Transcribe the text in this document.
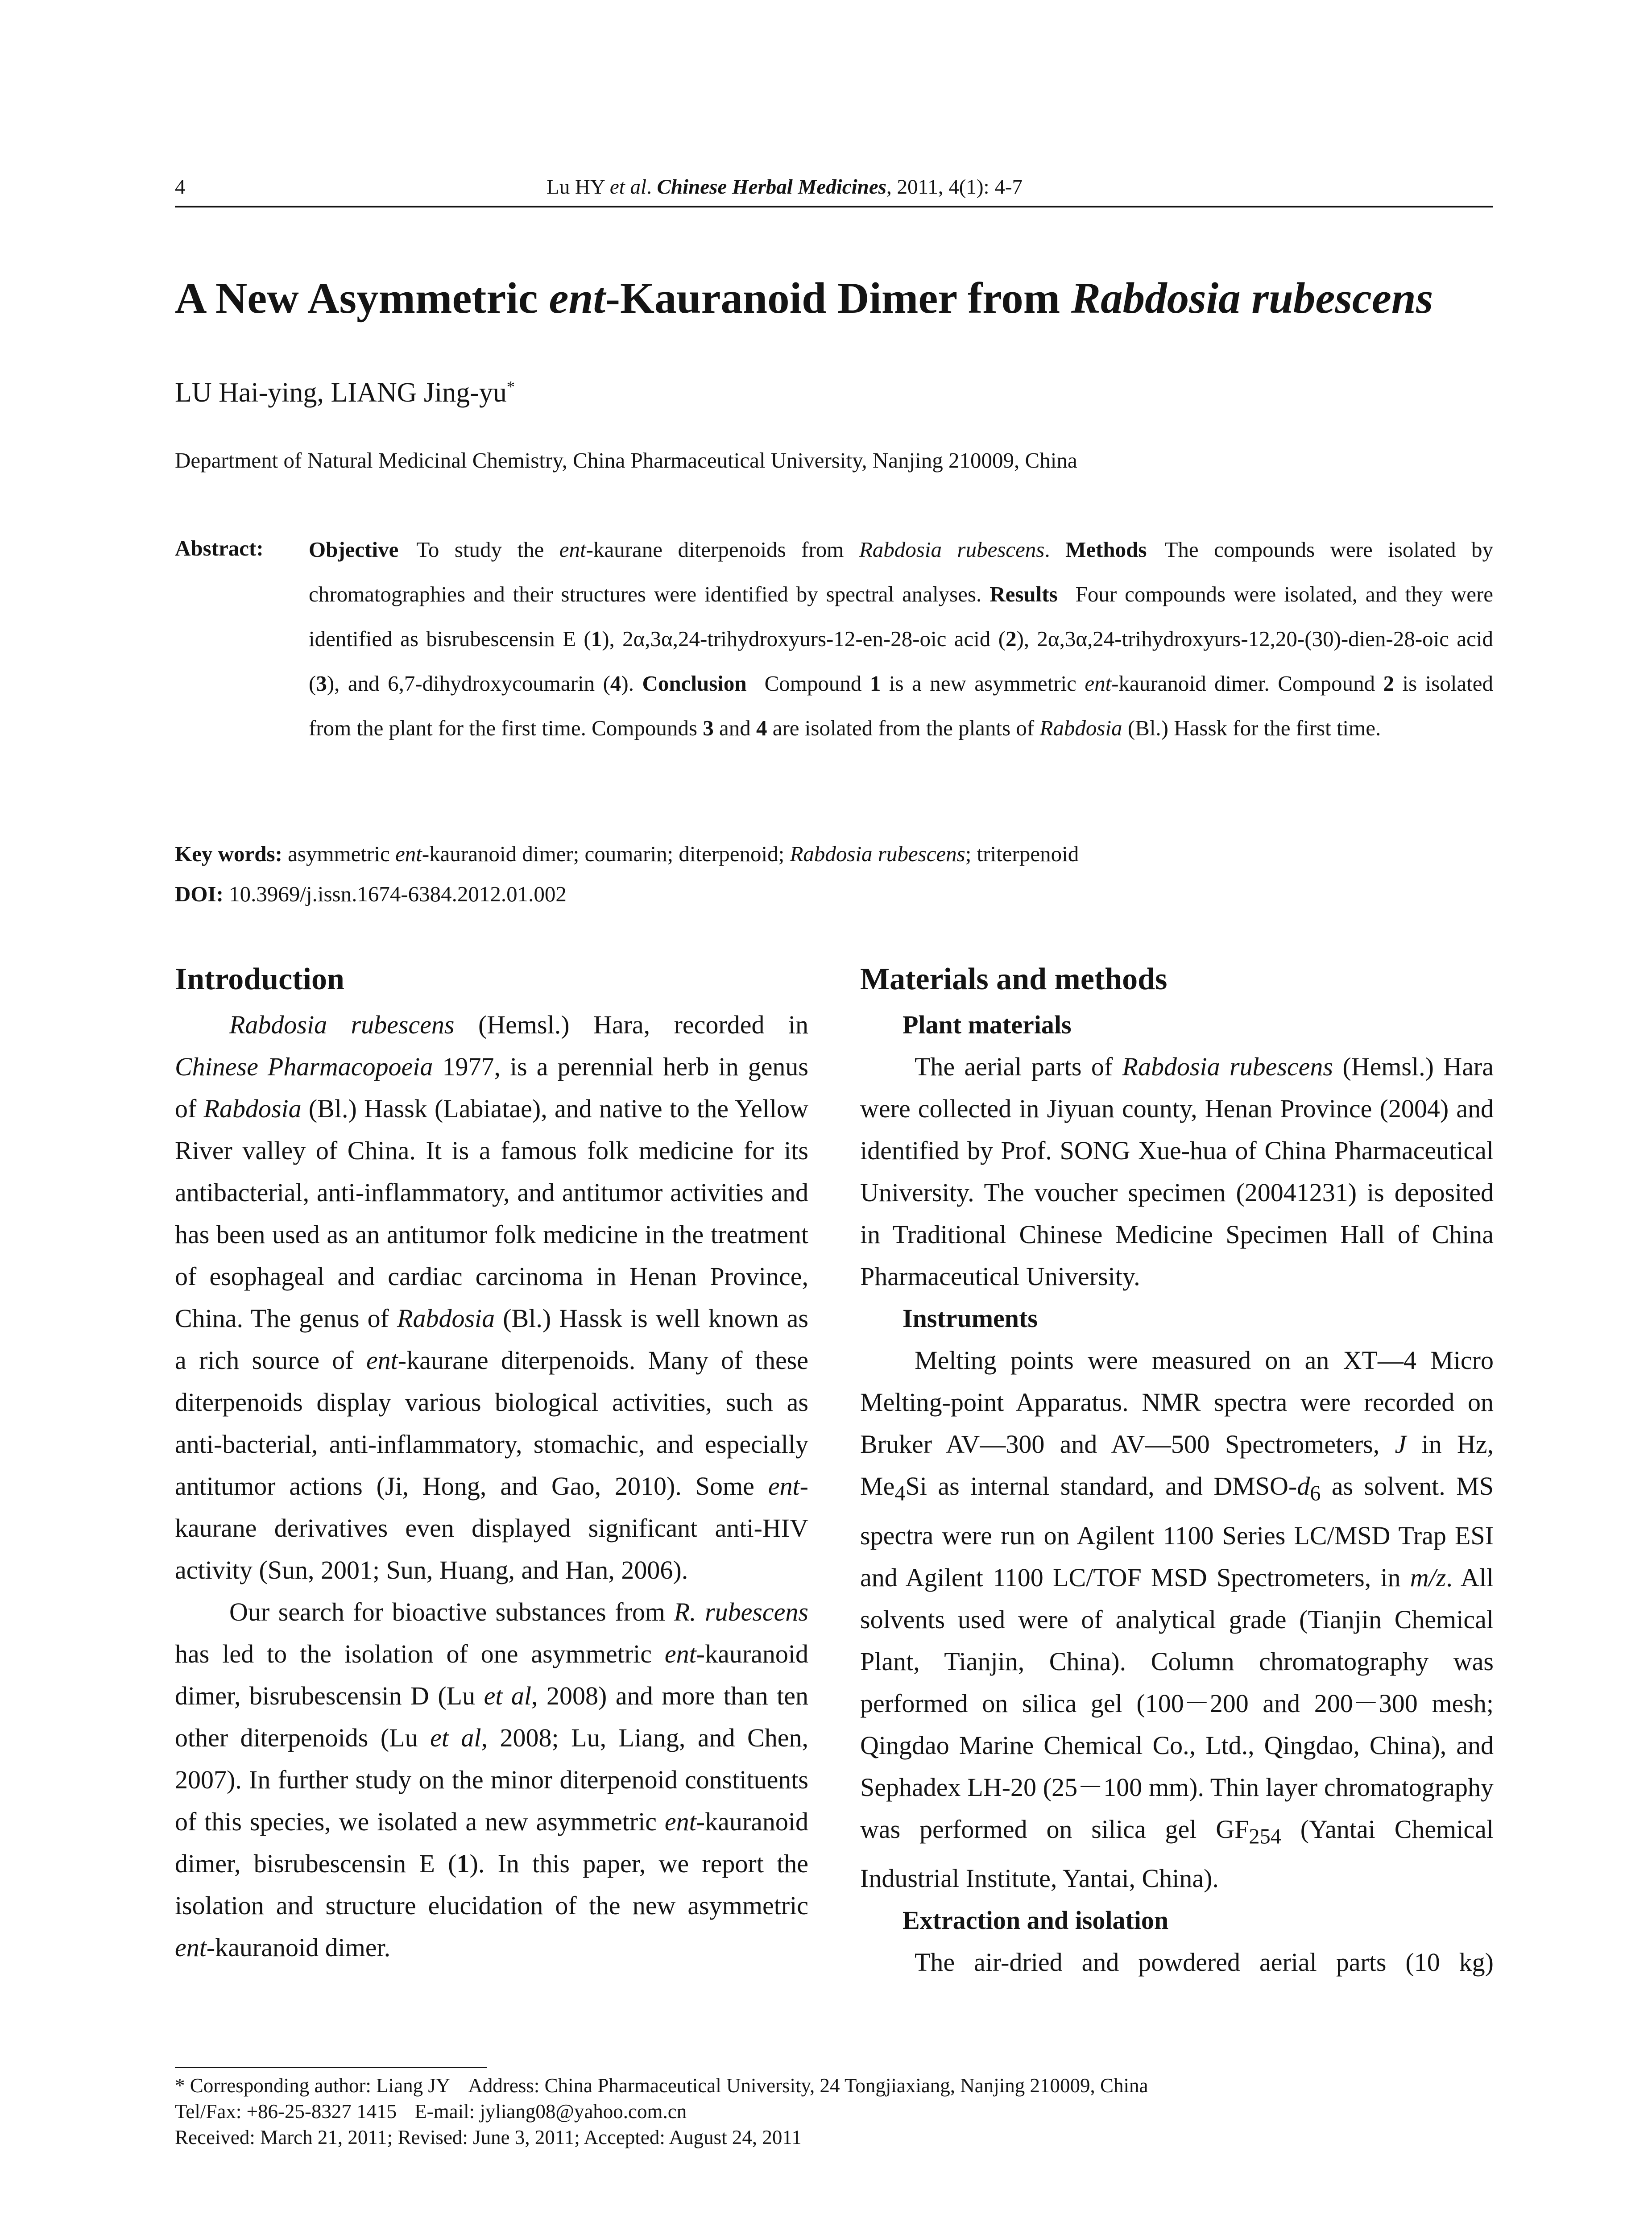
4	Lu HY et al. Chinese Herbal Medicines, 2011, 4(1): 4-7
A New Asymmetric ent-Kauranoid Dimer from Rabdosia rubescens
LU Hai-ying, LIANG Jing-yu*
Department of Natural Medicinal Chemistry, China Pharmaceutical University, Nanjing 210009, China
Abstract: Objective To study the ent-kaurane diterpenoids from Rabdosia rubescens. Methods The compounds were isolated by chromatographies and their structures were identified by spectral analyses. Results Four compounds were isolated, and they were identified as bisrubescensin E (1), 2α,3α,24-trihydroxyurs-12-en-28-oic acid (2), 2α,3α,24-trihydroxyurs-12,20-(30)-dien-28-oic acid (3), and 6,7-dihydroxycoumarin (4). Conclusion Compound 1 is a new asymmetric ent-kauranoid dimer. Compound 2 is isolated from the plant for the first time. Compounds 3 and 4 are isolated from the plants of Rabdosia (Bl.) Hassk for the first time.
Key words: asymmetric ent-kauranoid dimer; coumarin; diterpenoid; Rabdosia rubescens; triterpenoid
DOI: 10.3969/j.issn.1674-6384.2012.01.002
Introduction

Rabdosia rubescens (Hemsl.) Hara, recorded in Chinese Pharmacopoeia 1977, is a perennial herb in genus of Rabdosia (Bl.) Hassk (Labiatae), and native to the Yellow River valley of China. It is a famous folk medicine for its antibacterial, anti-inflammatory, and antitumor activities and has been used as an antitumor folk medicine in the treatment of esophageal and cardiac carcinoma in Henan Province, China. The genus of Rabdosia (Bl.) Hassk is well known as a rich source of ent-kaurane diterpenoids. Many of these diterpenoids display various biological activities, such as anti-bacterial, anti-inflammatory, stomachic, and especially antitumor actions (Ji, Hong, and Gao, 2010). Some ent-kaurane derivatives even displayed significant anti-HIV activity (Sun, 2001; Sun, Huang, and Han, 2006).

Our search for bioactive substances from R. rubescens has led to the isolation of one asymmetric ent-kauranoid dimer, bisrubescensin D (Lu et al, 2008) and more than ten other diterpenoids (Lu et al, 2008; Lu, Liang, and Chen, 2007). In further study on the minor diterpenoid constituents of this species, we isolated a new asymmetric ent-kauranoid dimer, bisrubescensin E (1). In this paper, we report the isolation and structure elucidation of the new asymmetric ent-kauranoid dimer.

Materials and methods
Plant materials

The aerial parts of Rabdosia rubescens (Hemsl.) Hara were collected in Jiyuan county, Henan Province (2004) and identified by Prof. SONG Xue-hua of China Pharmaceutical University. The voucher specimen (20041231) is deposited in Traditional Chinese Medicine Specimen Hall of China Pharmaceutical University.

Instruments

Melting points were measured on an XT—4 Micro Melting-point Apparatus. NMR spectra were recorded on Bruker AV—300 and AV—500 Spectrometers, J in Hz, $Me_4Si$ as internal standard, and DMSO-$d_6$ as solvent. MS spectra were run on Agilent 1100 Series LC/MSD Trap ESI and Agilent 1100 LC/TOF MSD Spectrometers, in m/z. All solvents used were of analytical grade (Tianjin Chemical Plant, Tianjin, China). Column chromatography was performed on silica gel (100－200 and 200－300 mesh; Qingdao Marine Chemical Co., Ltd., Qingdao, China), and Sephadex LH-20 (25－100 mm). Thin layer chromatography was performed on silica gel $GF_{254}$ (Yantai Chemical Industrial Institute, Yantai, China).

Extraction and isolation

The air-dried and powdered aerial parts (10 kg)

* Corresponding author: Liang JY Address: China Pharmaceutical University, 24 Tongjiaxiang, Nanjing 210009, China
Tel/Fax: +86-25-8327 1415 E-mail: jyliang08@yahoo.com.cn
Received: March 21, 2011; Revised: June 3, 2011; Accepted: August 24, 2011
